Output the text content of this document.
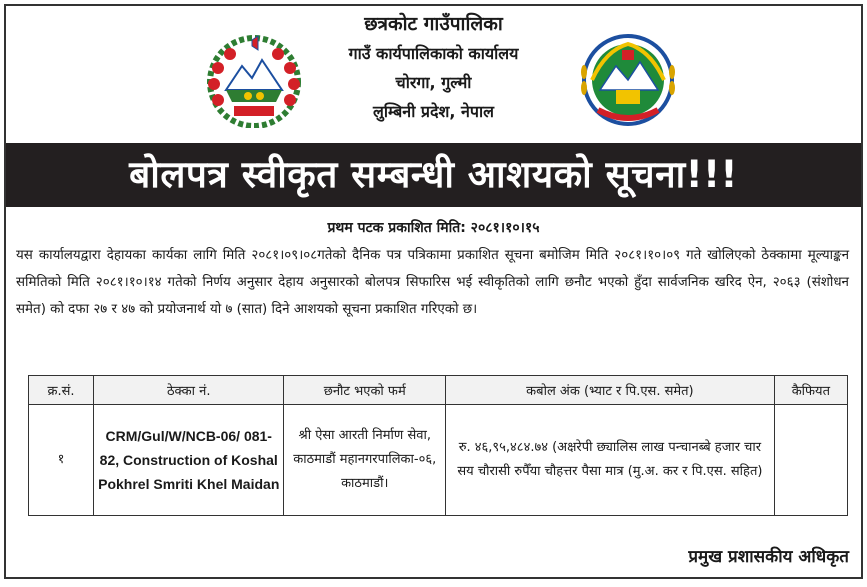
छत्रकोट गाउँपालिका
गाउँ कार्यपालिकाको कार्यालय
चोरगा, गुल्मी
लुम्बिनी प्रदेश, नेपाल
बोलपत्र स्वीकृत सम्बन्धी आशयको सूचना!!!
प्रथम पटक प्रकाशित मिति: २०८१।१०।१५
यस कार्यालयद्वारा देहायका कार्यका लागि मिति २०८१।०९।०८गतेको दैनिक पत्र पत्रिकामा प्रकाशित सूचना बमोजिम मिति २०८१।१०।०९ गते खोलिएको ठेक्कामा मूल्याङ्कन समितिको मिति २०८१।१०।१४ गतेको निर्णय अनुसार देहाय अनुसारको बोलपत्र सिफारिस भई स्वीकृतिको लागि छनौट भएको हुँदा सार्वजनिक खरिद ऐन, २०६३ (संशोधन समेत) को दफा २७ र ४७ को प्रयोजनार्थ यो ७ (सात) दिने आशयको सूचना प्रकाशित गरिएको छ।
क्र.सं.	ठेक्का नं.	छनौट भएको फर्म	कबोल अंक (भ्याट र पि.एस. समेत)	कैफियत
१	CRM/Gul/W/NCB-06/ 081-82, Construction of Koshal Pokhrel Smriti Khel Maidan	श्री ऐसा आरती निर्माण सेवा, काठमाडौं महानगरपालिका-०६, काठमाडौं।	रु. ४६,९५,४८४.७४ (अक्षरेपी छ्यालिस लाख पन्चानब्बे हजार चार सय चौरासी रुपैँया चौहत्तर पैसा मात्र (मु.अ. कर र पि.एस. सहित)	
प्रमुख प्रशासकीय अधिकृत
